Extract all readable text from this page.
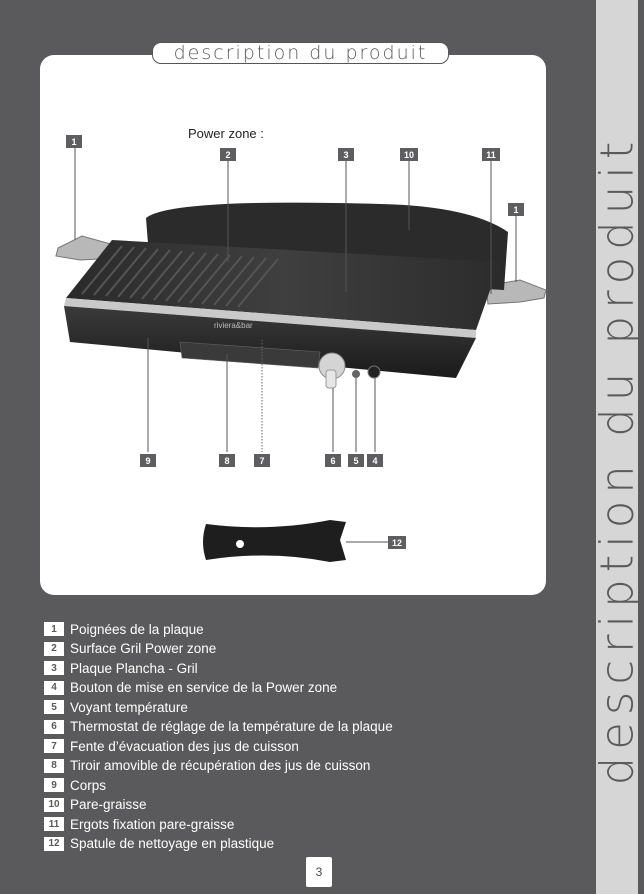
description du produit
description du produit
Power zone :
riviera&bar
1
2	3	10	11
1
9	8	7	6	5	4
12
1 Poignées de la plaque
2 Surface Gril Power zone
3 Plaque Plancha - Gril
4 Bouton de mise en service de la Power zone
5 Voyant température
6 Thermostat de réglage de la température de la plaque
7 Fente d’évacuation des jus de cuisson
8 Tiroir amovible de récupération des jus de cuisson
9 Corps
10 Pare-graisse
11 Ergots fixation pare-graisse
12 Spatule de nettoyage en plastique
3
